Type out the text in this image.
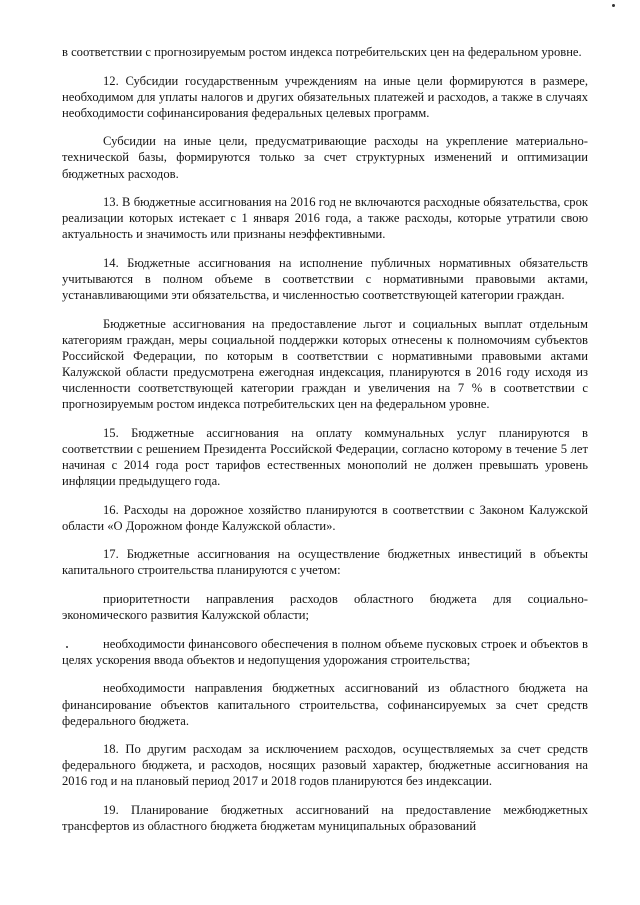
в соответствии с прогнозируемым ростом индекса потребительских цен на федеральном уровне.

12. Субсидии государственным учреждениям на иные цели формируются в размере, необходимом для уплаты налогов и других обязательных платежей и расходов, а также в случаях необходимости софинансирования федеральных целевых программ.

Субсидии на иные цели, предусматривающие расходы на укрепление материально-технической базы, формируются только за счет структурных изменений и оптимизации бюджетных расходов.

13. В бюджетные ассигнования на 2016 год не включаются расходные обязательства, срок реализации которых истекает с 1 января 2016 года, а также расходы, которые утратили свою актуальность и значимость или признаны неэффективными.

14. Бюджетные ассигнования на исполнение публичных нормативных обязательств учитываются в полном объеме в соответствии с нормативными правовыми актами, устанавливающими эти обязательства, и численностью соответствующей категории граждан.

Бюджетные ассигнования на предоставление льгот и социальных выплат отдельным категориям граждан, меры социальной поддержки которых отнесены к полномочиям субъектов Российской Федерации, по которым в соответствии с нормативными правовыми актами Калужской области предусмотрена ежегодная индексация, планируются в 2016 году исходя из численности соответствующей категории граждан и увеличения на 7 % в соответствии с прогнозируемым ростом индекса потребительских цен на федеральном уровне.

15. Бюджетные ассигнования на оплату коммунальных услуг планируются в соответствии с решением Президента Российской Федерации, согласно которому в течение 5 лет начиная с 2014 года рост тарифов естественных монополий не должен превышать уровень инфляции предыдущего года.

16. Расходы на дорожное хозяйство планируются в соответствии с Законом Калужской области «О Дорожном фонде Калужской области».

17. Бюджетные ассигнования на осуществление бюджетных инвестиций в объекты капитального строительства планируются с учетом:

приоритетности направления расходов областного бюджета для социально-экономического развития Калужской области;

необходимости финансового обеспечения в полном объеме пусковых строек и объектов в целях ускорения ввода объектов и недопущения удорожания строительства;

необходимости направления бюджетных ассигнований из областного бюджета на финансирование объектов капитального строительства, софинансируемых за счет средств федерального бюджета.

18. По другим расходам за исключением расходов, осуществляемых за счет средств федерального бюджета, и расходов, носящих разовый характер, бюджетные ассигнования на 2016 год и на плановый период 2017 и 2018 годов планируются без индексации.

19. Планирование бюджетных ассигнований на предоставление межбюджетных трансфертов из областного бюджета бюджетам муниципальных образований
